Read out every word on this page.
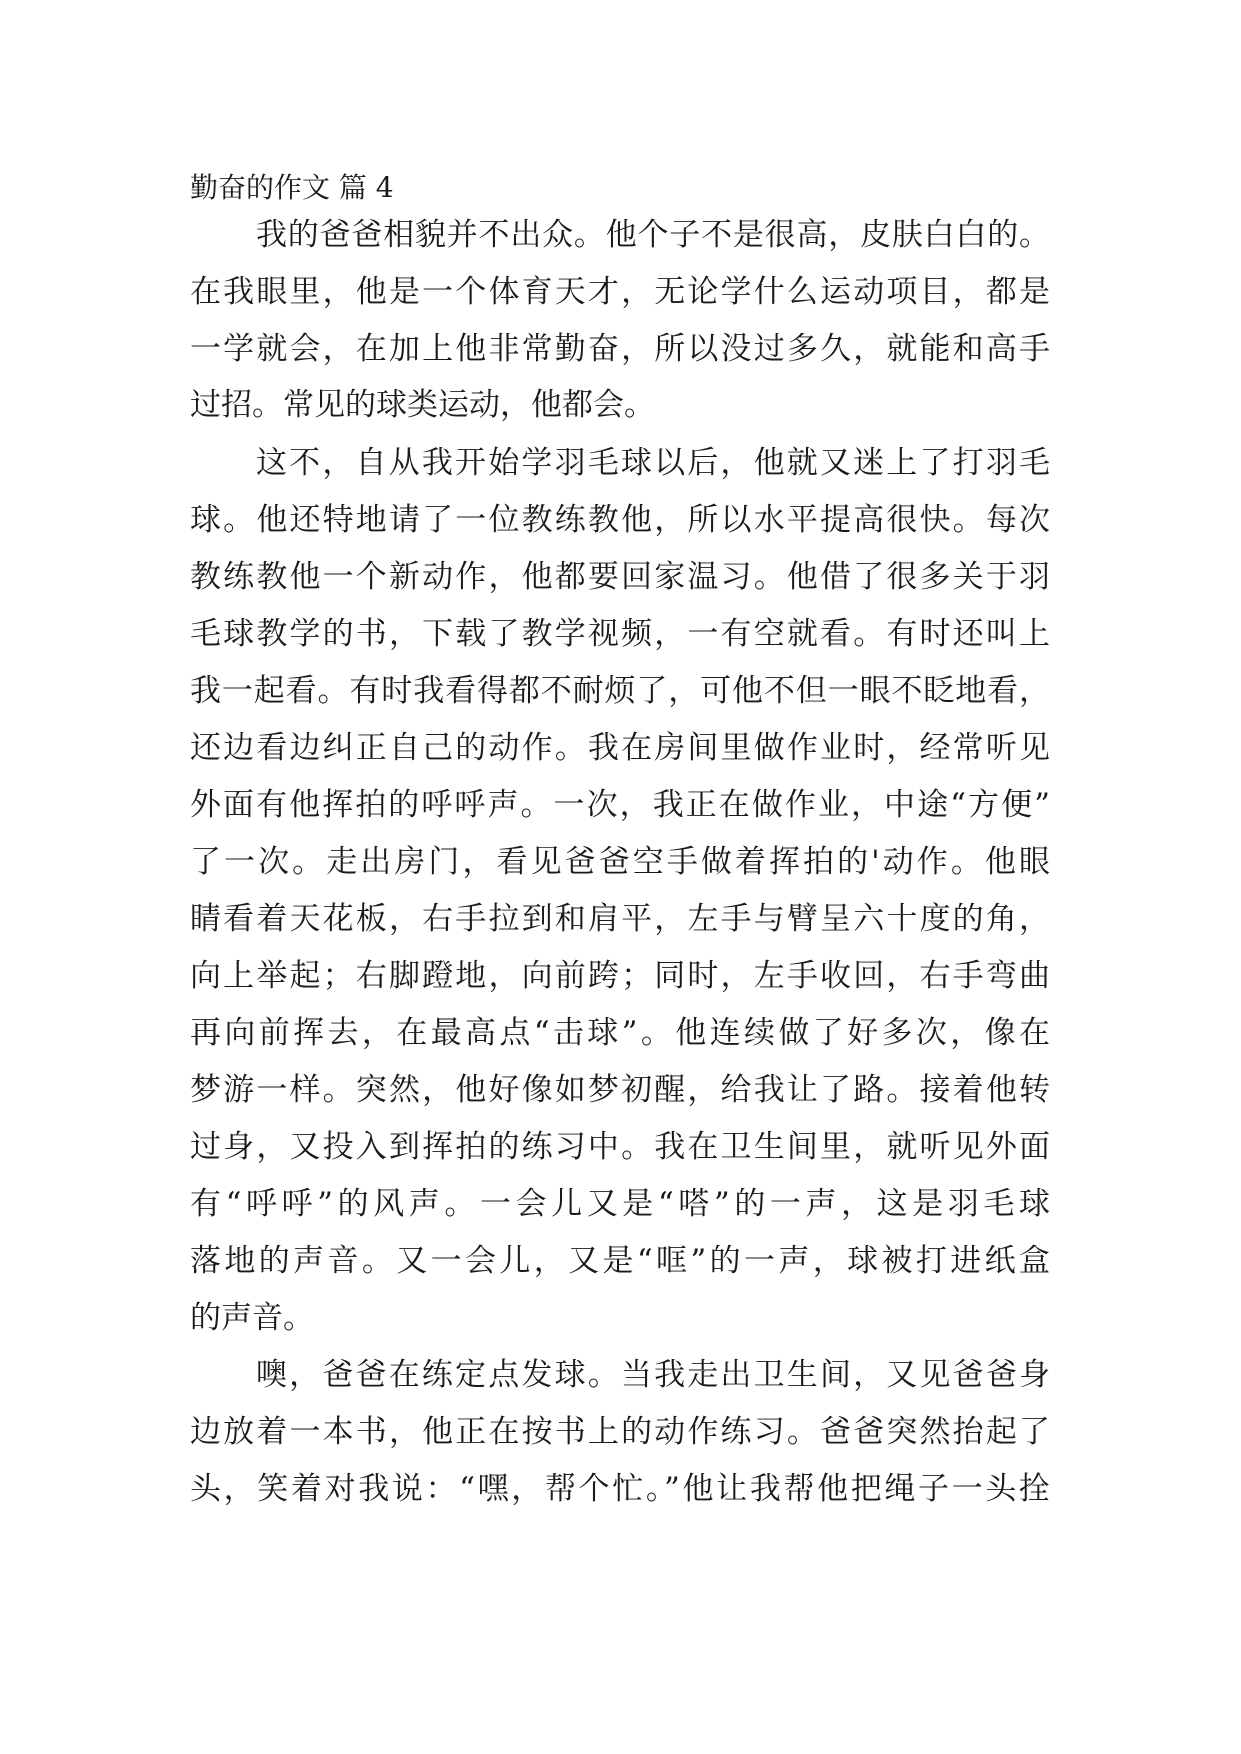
勤奋的作文 篇 4
我的爸爸相貌并不出众。他个子不是很高，皮肤白白的。
在我眼里，他是一个体育天才，无论学什么运动项目，都是
一学就会，在加上他非常勤奋，所以没过多久，就能和高手
过招。常见的球类运动，他都会。
这不，自从我开始学羽毛球以后，他就又迷上了打羽毛
球。他还特地请了一位教练教他，所以水平提高很快。每次
教练教他一个新动作，他都要回家温习。他借了很多关于羽
毛球教学的书，下载了教学视频，一有空就看。有时还叫上
我一起看。有时我看得都不耐烦了，可他不但一眼不眨地看，
还边看边纠正自己的动作。我在房间里做作业时，经常听见
外面有他挥拍的呼呼声。一次，我正在做作业，中途“方便”
了一次。走出房门，看见爸爸空手做着挥拍的'动作。他眼
睛看着天花板，右手拉到和肩平，左手与臂呈六十度的角，
向上举起；右脚蹬地，向前跨；同时，左手收回，右手弯曲
再向前挥去，在最高点“击球”。他连续做了好多次，像在
梦游一样。突然，他好像如梦初醒，给我让了路。接着他转
过身，又投入到挥拍的练习中。我在卫生间里，就听见外面
有“呼呼”的风声。一会儿又是“嗒”的一声，这是羽毛球
落地的声音。又一会儿，又是“哐”的一声，球被打进纸盒
的声音。
噢，爸爸在练定点发球。当我走出卫生间，又见爸爸身
边放着一本书，他正在按书上的动作练习。爸爸突然抬起了
头，笑着对我说：“嘿，帮个忙。”他让我帮他把绳子一头拴
